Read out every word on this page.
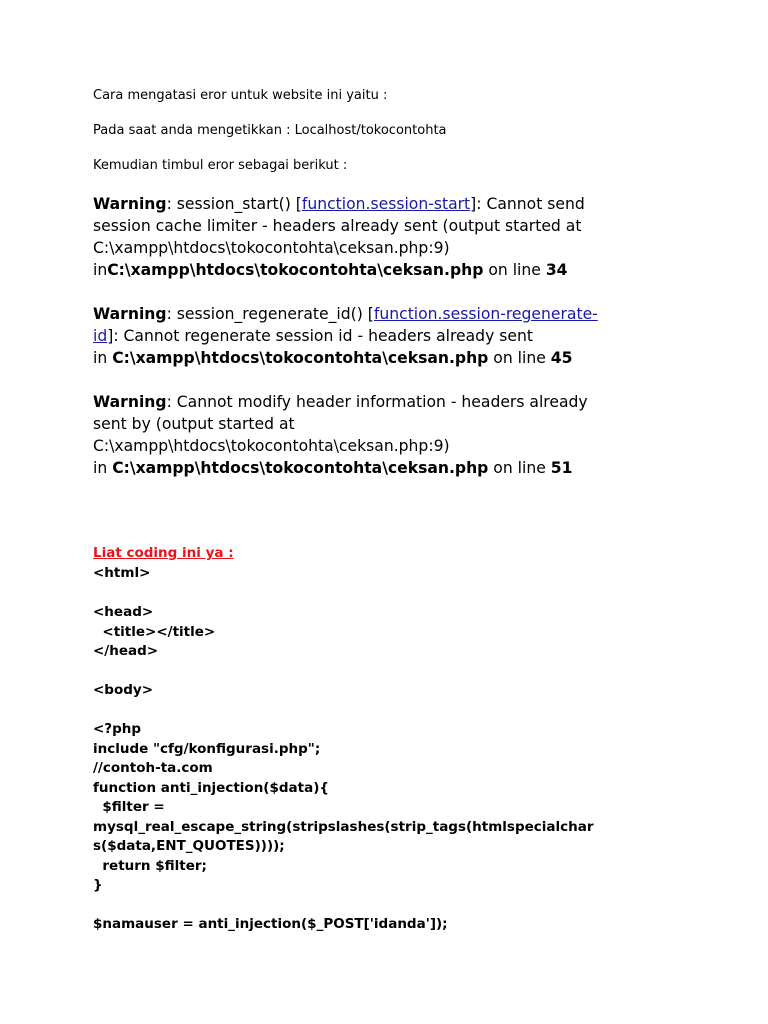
Cara mengatasi eror untuk website ini yaitu :
Pada saat anda mengetikkan : Localhost/tokocontohta
Kemudian timbul eror sebagai berikut :
Warning: session_start() [function.session-start]: Cannot send
session cache limiter - headers already sent (output started at
C:\xampp\htdocs\tokocontohta\ceksan.php:9)
inC:\xampp\htdocs\tokocontohta\ceksan.php on line 34
Warning: session_regenerate_id() [function.session-regenerate-
id]: Cannot regenerate session id - headers already sent
in C:\xampp\htdocs\tokocontohta\ceksan.php on line 45
Warning: Cannot modify header information - headers already
sent by (output started at
C:\xampp\htdocs\tokocontohta\ceksan.php:9)
in C:\xampp\htdocs\tokocontohta\ceksan.php on line 51
Liat coding ini ya :
<html>
<head>
<title></title>
</head>
<body>
<?php
include "cfg/konfigurasi.php";
//contoh-ta.com
function anti_injection($data){
$filter =
mysql_real_escape_string(stripslashes(strip_tags(htmlspecialchar
s($data,ENT_QUOTES))));
return $filter;
}
$namauser = anti_injection($_POST['idanda']);
